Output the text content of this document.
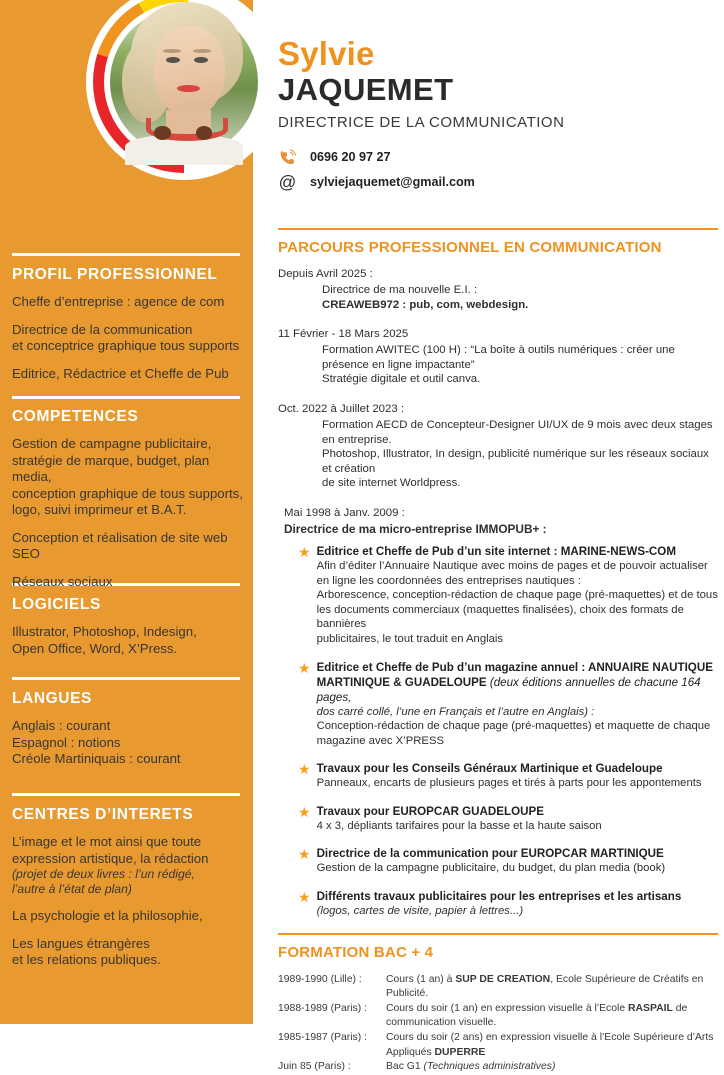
PROFIL PROFESSIONNEL

Cheffe d’entreprise : agence de com

Directrice de la communication
et conceptrice graphique tous supports

Editrice, Rédactrice et Cheffe de Pub

COMPETENCES

Gestion de campagne publicitaire,
stratégie de marque, budget, plan media,
conception graphique de tous supports,
logo, suivi imprimeur et B.A.T.

Conception et réalisation de site web
SEO

Réseaux sociaux

LOGICIELS

Illustrator, Photoshop, Indesign,
Open Office, Word, X’Press.

LANGUES

Anglais : courant
Espagnol : notions
Créole Martiniquais : courant

CENTRES D’INTERETS

L’image et le mot ainsi que toute
expression artistique, la rédaction

(projet de deux livres : l’un rédigé,
l’autre à l’état de plan)

La psychologie et la philosophie,

Les langues étrangères
et les relations publiques.

Sylvie

JAQUEMET

DIRECTRICE DE LA COMMUNICATION

0696 20 97 27
@ sylviejaquemet@gmail.com
PARCOURS PROFESSIONNEL EN COMMUNICATION

Depuis Avril 2025 :

Directrice de ma nouvelle E.I. :

CREAWEB972 : pub, com, webdesign.

11 Février - 18 Mars 2025

Formation AWITEC (100 H) : “La boîte à outils numériques : créer une présence en ligne impactante”

Stratégie digitale et outil canva.

Oct. 2022 à Juillet 2023 :

Formation AECD de Concepteur-Designer UI/UX de 9 mois avec deux stages en entreprise.

Photoshop, Illustrator, In design, publicité numérique sur les réseaux sociaux et création

de site internet Worldpress.

Mai 1998 à Janv. 2009 :

Directrice de ma micro-entreprise IMMOPUB+ :

★ Editrice et Cheffe de Pub d’un site internet : MARINE-NEWS-COM

Afin d’éditer l’Annuaire Nautique avec moins de pages et de pouvoir actualiser

en ligne les coordonnées des entreprises nautiques :

Arborescence, conception-rédaction de chaque page (pré-maquettes) et de tous

les documents commerciaux (maquettes finalisées), choix des formats de bannières

publicitaires, le tout traduit en Anglais

★ Editrice et Cheffe de Pub d’un magazine annuel : ANNUAIRE NAUTIQUE

MARTINIQUE & GUADELOUPE (deux éditions annuelles de chacune 164 pages,

dos carré collé, l’une en Français et l’autre en Anglais) :

Conception-rédaction de chaque page (pré-maquettes) et maquette de chaque

magazine avec X’PRESS

★ Travaux pour les Conseils Généraux Martinique et Guadeloupe

Panneaux, encarts de plusieurs pages et tirés à parts pour les appontements

★ Travaux pour EUROPCAR GUADELOUPE

4 x 3, dépliants tarifaires pour la basse et la haute saison

★ Directrice de la communication pour EUROPCAR MARTINIQUE

Gestion de la campagne publicitaire, du budget, du plan media (book)

★ Différents travaux publicitaires pour les entreprises et les artisans

(logos, cartes de visite, papier à lettres...)

FORMATION BAC + 4
1989-1990 (Lille) :	Cours (1 an) à SUP DE CREATION, Ecole Supérieure de Créatifs en Publicité.
1988-1989 (Paris) :	Cours du soir (1 an) en expression visuelle à l’Ecole RASPAIL de communication visuelle.
1985-1987 (Paris) :	Cours du soir (2 ans) en expression visuelle à l’Ecole Supérieure d’Arts Appliqués DUPERRE
Juin 85 (Paris) :	Bac G1 (Techniques administratives)
